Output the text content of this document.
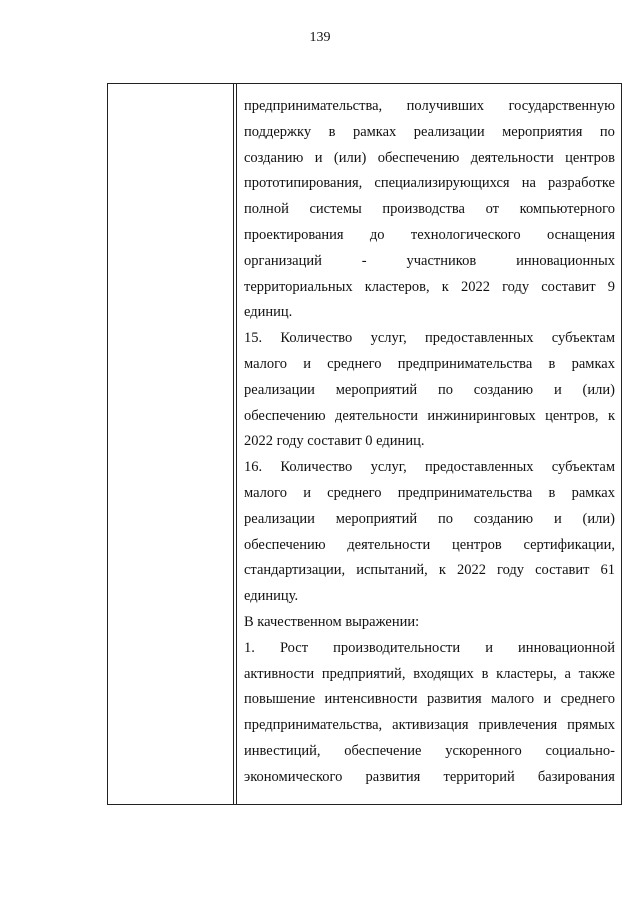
139
предпринимательства, получивших государственную
поддержку в рамках реализации мероприятия по
созданию и (или) обеспечению деятельности центров
прототипирования, специализирующихся на разработке
полной системы производства от компьютерного
проектирования до технологического оснащения
организаций	-	участников	инновационных
территориальных кластеров, к 2022 году составит 9
единиц.
15. Количество услуг, предоставленных субъектам
малого и среднего предпринимательства в рамках
реализации мероприятий по созданию и (или)
обеспечению деятельности инжиниринговых центров, к
2022 году составит 0 единиц.
16. Количество услуг, предоставленных субъектам
малого и среднего предпринимательства в рамках
реализации мероприятий по созданию и (или)
обеспечению деятельности центров сертификации,
стандартизации, испытаний, к 2022 году составит 61
единицу.
В качественном выражении:
1. Рост производительности и инновационной
активности предприятий, входящих в кластеры, а также
повышение интенсивности развития малого и среднего
предпринимательства, активизация привлечения прямых
инвестиций, обеспечение ускоренного социально-
экономического развития территорий базирования
